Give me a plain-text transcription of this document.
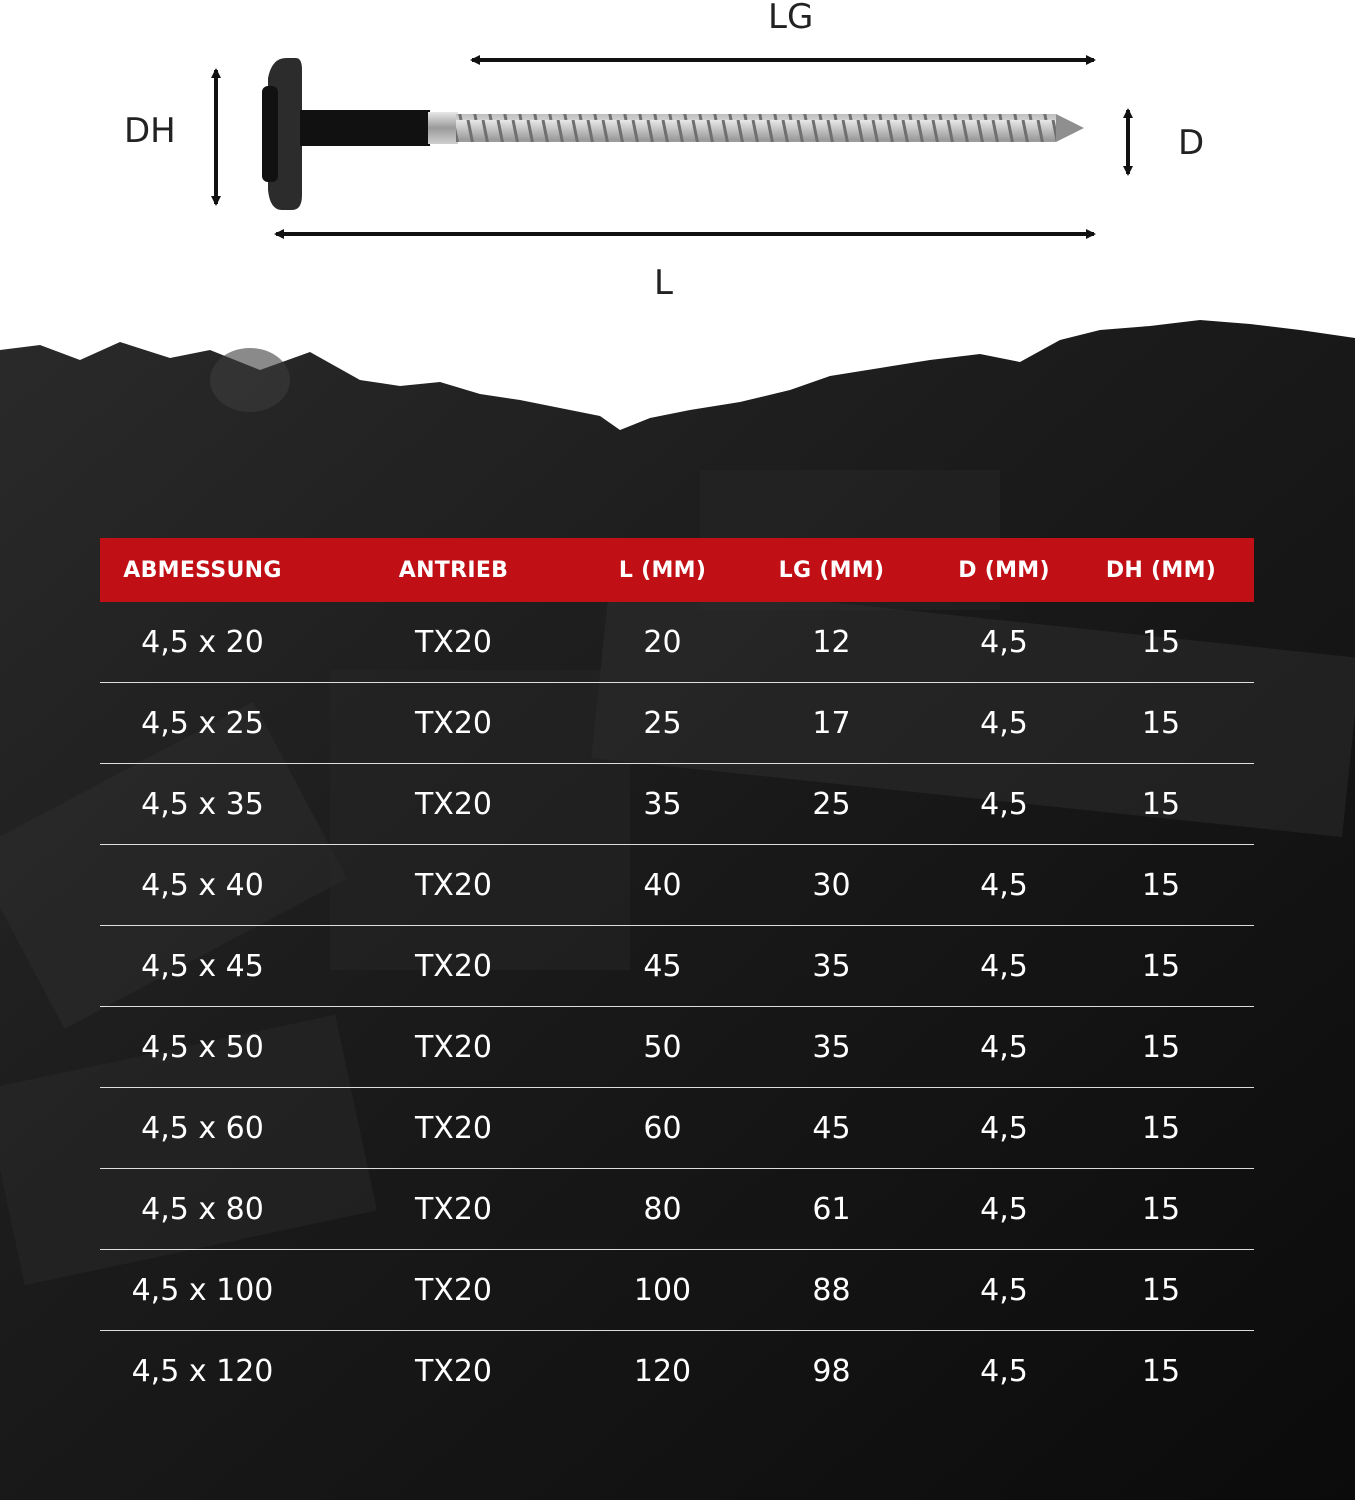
LG
L
DH	D
ABMESSUNG	ANTRIEB	L (MM)	LG (MM)	D (MM)	DH (MM)
4,5 x 20	TX20	20	12	4,5	15
4,5 x 25	TX20	25	17	4,5	15
4,5 x 35	TX20	35	25	4,5	15
4,5 x 40	TX20	40	30	4,5	15
4,5 x 45	TX20	45	35	4,5	15
4,5 x 50	TX20	50	35	4,5	15
4,5 x 60	TX20	60	45	4,5	15
4,5 x 80	TX20	80	61	4,5	15
4,5 x 100	TX20	100	88	4,5	15
4,5 x 120	TX20	120	98	4,5	15
